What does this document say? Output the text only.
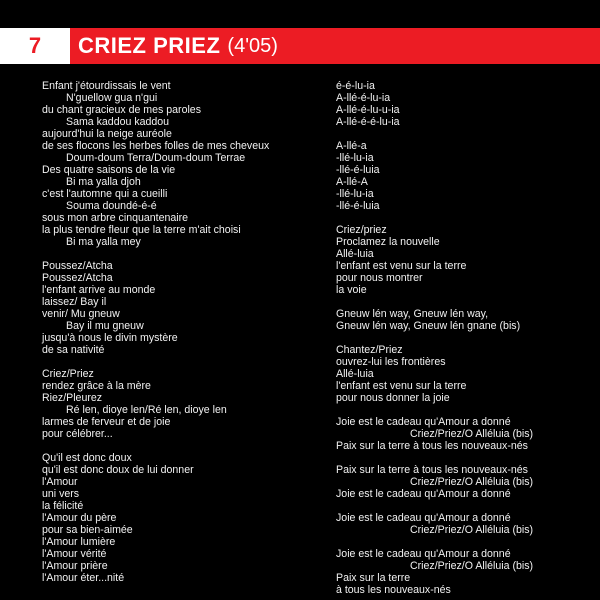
7 CRIEZ PRIEZ (4'05)
Enfant j'étourdissais le vent
N'guellow gua n'gui
du chant gracieux de mes paroles
Sama kaddou kaddou
aujourd'hui la neige auréole
de ses flocons les herbes folles de mes cheveux
Doum-doum Terra/Doum-doum Terrae
Des quatre saisons de la vie
Bi ma yalla djoh
c'est l'automne qui a cueilli
Souma doundé-é-é
sous mon arbre cinquantenaire
la plus tendre fleur que la terre m'ait choisi
Bi ma yalla mey
Poussez/Atcha
Poussez/Atcha
l'enfant arrive au monde
laissez/ Bay il
venir/ Mu gneuw
Bay il mu gneuw
jusqu'à nous le divin mystère
de sa nativité
Criez/Priez
rendez grâce à la mère
Riez/Pleurez
Ré len, dioye len/Ré len, dioye len
larmes de ferveur et de joie
pour célébrer...
Qu'il est donc doux
qu'il est donc doux de lui donner
l'Amour
uni vers
la félicité
l'Amour du père
pour sa bien-aimée
l'Amour lumière
l'Amour vérité
l'Amour prière
l'Amour éter...nité
é-é-lu-ia
A-llé-é-lu-ia
A-llé-é-lu-u-ia
A-llé-é-é-lu-ia
A-llé-a
-llé-lu-ia
-llé-é-luia
A-llé-A
-llé-lu-ia
-llé-é-luia
Criez/priez
Proclamez la nouvelle
Allé-luia
l'enfant est venu sur la terre
pour nous montrer
la voie
Gneuw lén way, Gneuw lén way,
Gneuw lén way, Gneuw lén gnane (bis)
Chantez/Priez
ouvrez-lui les frontières
Allé-luia
l'enfant est venu sur la terre
pour nous donner la joie
Joie est le cadeau qu'Amour a donné
Criez/Priez/O Alléluia (bis)
Paix sur la terre à tous les nouveaux-nés
Paix sur la terre à tous les nouveaux-nés
Criez/Priez/O Alléluia (bis)
Joie est le cadeau qu'Amour a donné
Joie est le cadeau qu'Amour a donné
Criez/Priez/O Alléluia (bis)
Joie est le cadeau qu'Amour a donné
Criez/Priez/O Alléluia (bis)
Paix sur la terre
à tous les nouveaux-nés
